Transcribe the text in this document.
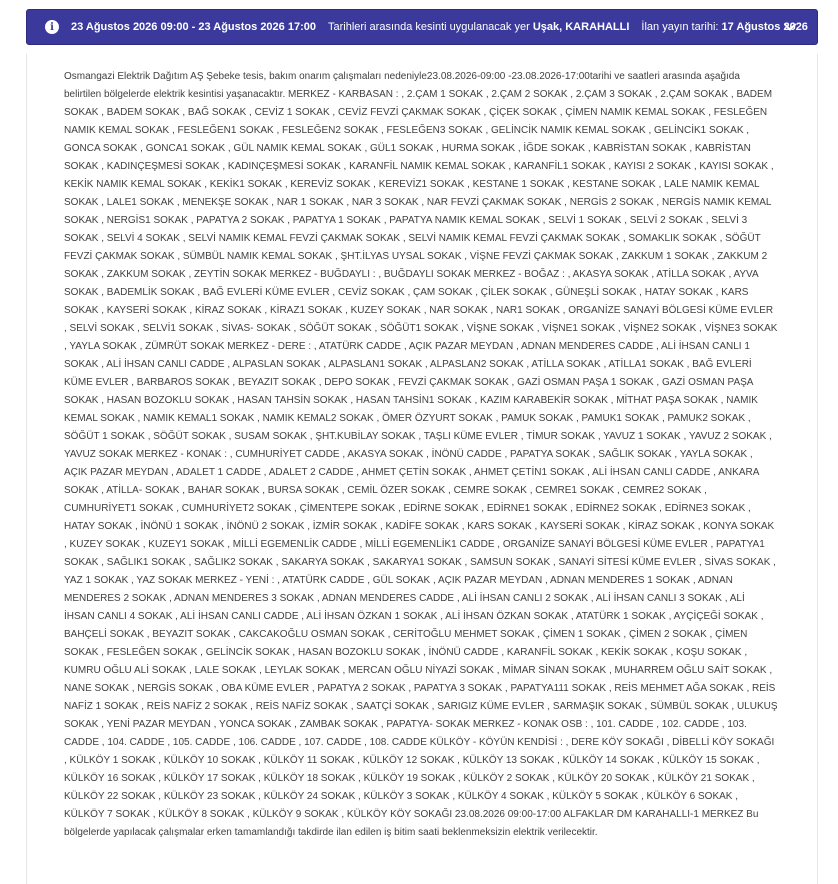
i	23 Ağustos 2026 09:00 - 23 Ağustos 2026 17:00 Tarihleri arasında kesinti uygulanacak yer Uşak, KARAHALLI İlan yayın tarihi: 17 Ağustos 2026

Osmangazi Elektrik Dağıtım AŞ Şebeke tesis, bakım onarım çalışmaları nedeniyle23.08.2026-09:00 -23.08.2026-17:00tarihi ve saatleri arasında aşağıda belirtilen bölgelerde elektrik kesintisi yaşanacaktır. MERKEZ - KARBASAN : , 2.ÇAM 1 SOKAK , 2.ÇAM 2 SOKAK , 2.ÇAM 3 SOKAK , 2.ÇAM SOKAK , BADEM SOKAK , BADEM SOKAK , BAĞ SOKAK , CEVİZ 1 SOKAK , CEVİZ FEVZİ ÇAKMAK SOKAK , ÇİÇEK SOKAK , ÇİMEN NAMIK KEMAL SOKAK , FESLEĞEN NAMIK KEMAL SOKAK , FESLEĞEN1 SOKAK , FESLEĞEN2 SOKAK , FESLEĞEN3 SOKAK , GELİNCİK NAMIK KEMAL SOKAK , GELİNCİK1 SOKAK , GONCA SOKAK , GONCA1 SOKAK , GÜL NAMIK KEMAL SOKAK , GÜL1 SOKAK , HURMA SOKAK , İĞDE SOKAK , KABRİSTAN SOKAK , KABRİSTAN SOKAK , KADINÇEŞMESİ SOKAK , KADINÇEŞMESİ SOKAK , KARANFİL NAMIK KEMAL SOKAK , KARANFİL1 SOKAK , KAYISI 2 SOKAK , KAYISI SOKAK , KEKİK NAMIK KEMAL SOKAK , KEKİK1 SOKAK , KEREVİZ SOKAK , KEREVİZ1 SOKAK , KESTANE 1 SOKAK , KESTANE SOKAK , LALE NAMIK KEMAL SOKAK , LALE1 SOKAK , MENEKŞE SOKAK , NAR 1 SOKAK , NAR 3 SOKAK , NAR FEVZİ ÇAKMAK SOKAK , NERGİS 2 SOKAK , NERGİS NAMIK KEMAL SOKAK , NERGİS1 SOKAK , PAPATYA 2 SOKAK , PAPATYA 1 SOKAK , PAPATYA NAMIK KEMAL SOKAK , SELVİ 1 SOKAK , SELVİ 2 SOKAK , SELVİ 3 SOKAK , SELVİ 4 SOKAK , SELVİ NAMIK KEMAL FEVZİ ÇAKMAK SOKAK , SELVİ NAMIK KEMAL FEVZİ ÇAKMAK SOKAK , SOMAKLIK SOKAK , SÖĞÜT FEVZİ ÇAKMAK SOKAK , SÜMBÜL NAMIK KEMAL SOKAK , ŞHT.İLYAS UYSAL SOKAK , VİŞNE FEVZİ ÇAKMAK SOKAK , ZAKKUM 1 SOKAK , ZAKKUM 2 SOKAK , ZAKKUM SOKAK , ZEYTİN SOKAK MERKEZ - BUĞDAYLI : , BUĞDAYLI SOKAK MERKEZ - BOĞAZ : , AKASYA SOKAK , ATİLLA SOKAK , AYVA SOKAK , BADEMLİK SOKAK , BAĞ EVLERİ KÜME EVLER , CEVİZ SOKAK , ÇAM SOKAK , ÇİLEK SOKAK , GÜNEŞLİ SOKAK , HATAY SOKAK , KARS SOKAK , KAYSERİ SOKAK , KİRAZ SOKAK , KİRAZ1 SOKAK , KUZEY SOKAK , NAR SOKAK , NAR1 SOKAK , ORGANİZE SANAYİ BÖLGESİ KÜME EVLER , SELVİ SOKAK , SELVİ1 SOKAK , SİVAS- SOKAK , SÖĞÜT SOKAK , SÖĞÜT1 SOKAK , VİŞNE SOKAK , VİŞNE1 SOKAK , VİŞNE2 SOKAK , VİŞNE3 SOKAK , YAYLA SOKAK , ZÜMRÜT SOKAK MERKEZ - DERE : , ATATÜRK CADDE , AÇIK PAZAR MEYDAN , ADNAN MENDERES CADDE , ALİ İHSAN CANLI 1 SOKAK , ALİ İHSAN CANLI CADDE , ALPASLAN SOKAK , ALPASLAN1 SOKAK , ALPASLAN2 SOKAK , ATİLLA SOKAK , ATİLLA1 SOKAK , BAĞ EVLERİ KÜME EVLER , BARBAROS SOKAK , BEYAZIT SOKAK , DEPO SOKAK , FEVZİ ÇAKMAK SOKAK , GAZİ OSMAN PAŞA 1 SOKAK , GAZİ OSMAN PAŞA SOKAK , HASAN BOZOKLU SOKAK , HASAN TAHSİN SOKAK , HASAN TAHSİN1 SOKAK , KAZIM KARABEKİR SOKAK , MİTHAT PAŞA SOKAK , NAMIK KEMAL SOKAK , NAMIK KEMAL1 SOKAK , NAMIK KEMAL2 SOKAK , ÖMER ÖZYURT SOKAK , PAMUK SOKAK , PAMUK1 SOKAK , PAMUK2 SOKAK , SÖĞÜT 1 SOKAK , SÖĞÜT SOKAK , SUSAM SOKAK , ŞHT.KUBİLAY SOKAK , TAŞLI KÜME EVLER , TİMUR SOKAK , YAVUZ 1 SOKAK , YAVUZ 2 SOKAK , YAVUZ SOKAK MERKEZ - KONAK : , CUMHURİYET CADDE , AKASYA SOKAK , İNÖNÜ CADDE , PAPATYA SOKAK , SAĞLIK SOKAK , YAYLA SOKAK , AÇIK PAZAR MEYDAN , ADALET 1 CADDE , ADALET 2 CADDE , AHMET ÇETİN SOKAK , AHMET ÇETİN1 SOKAK , ALİ İHSAN CANLI CADDE , ANKARA SOKAK , ATİLLA- SOKAK , BAHAR SOKAK , BURSA SOKAK , CEMİL ÖZER SOKAK , CEMRE SOKAK , CEMRE1 SOKAK , CEMRE2 SOKAK , CUMHURİYET1 SOKAK , CUMHURİYET2 SOKAK , ÇİMENTEPE SOKAK , EDİRNE SOKAK , EDİRNE1 SOKAK , EDİRNE2 SOKAK , EDİRNE3 SOKAK , HATAY SOKAK , İNÖNÜ 1 SOKAK , İNÖNÜ 2 SOKAK , İZMİR SOKAK , KADİFE SOKAK , KARS SOKAK , KAYSERİ SOKAK , KİRAZ SOKAK , KONYA SOKAK , KUZEY SOKAK , KUZEY1 SOKAK , MİLLİ EGEMENLİK CADDE , MİLLİ EGEMENLİK1 CADDE , ORGANİZE SANAYİ BÖLGESİ KÜME EVLER , PAPATYA1 SOKAK , SAĞLIK1 SOKAK , SAĞLIK2 SOKAK , SAKARYA SOKAK , SAKARYA1 SOKAK , SAMSUN SOKAK , SANAYİ SİTESİ KÜME EVLER , SİVAS SOKAK , YAZ 1 SOKAK , YAZ SOKAK MERKEZ - YENİ : , ATATÜRK CADDE , GÜL SOKAK , AÇIK PAZAR MEYDAN , ADNAN MENDERES 1 SOKAK , ADNAN MENDERES 2 SOKAK , ADNAN MENDERES 3 SOKAK , ADNAN MENDERES CADDE , ALİ İHSAN CANLI 2 SOKAK , ALİ İHSAN CANLI 3 SOKAK , ALİ İHSAN CANLI 4 SOKAK , ALİ İHSAN CANLI CADDE , ALİ İHSAN ÖZKAN 1 SOKAK , ALİ İHSAN ÖZKAN SOKAK , ATATÜRK 1 SOKAK , AYÇİÇEĞİ SOKAK , BAHÇELİ SOKAK , BEYAZIT SOKAK , CAKCAKOĞLU OSMAN SOKAK , CERİTOĞLU MEHMET SOKAK , ÇİMEN 1 SOKAK , ÇİMEN 2 SOKAK , ÇİMEN SOKAK , FESLEĞEN SOKAK , GELİNCİK SOKAK , HASAN BOZOKLU SOKAK , İNÖNÜ CADDE , KARANFİL SOKAK , KEKİK SOKAK , KOŞU SOKAK , KUMRU OĞLU ALİ SOKAK , LALE SOKAK , LEYLAK SOKAK , MERCAN OĞLU NİYAZİ SOKAK , MİMAR SİNAN SOKAK , MUHARREM OĞLU SAİT SOKAK , NANE SOKAK , NERGİS SOKAK , OBA KÜME EVLER , PAPATYA 2 SOKAK , PAPATYA 3 SOKAK , PAPATYA111 SOKAK , REİS MEHMET AĞA SOKAK , REİS NAFİZ 1 SOKAK , REİS NAFİZ 2 SOKAK , REİS NAFİZ SOKAK , SAATÇİ SOKAK , SARIGIZ KÜME EVLER , SARMAŞIK SOKAK , SÜMBÜL SOKAK , ULUKUŞ SOKAK , YENİ PAZAR MEYDAN , YONCA SOKAK , ZAMBAK SOKAK , PAPATYA- SOKAK MERKEZ - KONAK OSB : , 101. CADDE , 102. CADDE , 103. CADDE , 104. CADDE , 105. CADDE , 106. CADDE , 107. CADDE , 108. CADDE KÜLKÖY - KÖYÜN KENDİSİ : , DERE KÖY SOKAĞI , DİBELLİ KÖY SOKAĞI , KÜLKÖY 1 SOKAK , KÜLKÖY 10 SOKAK , KÜLKÖY 11 SOKAK , KÜLKÖY 12 SOKAK , KÜLKÖY 13 SOKAK , KÜLKÖY 14 SOKAK , KÜLKÖY 15 SOKAK , KÜLKÖY 16 SOKAK , KÜLKÖY 17 SOKAK , KÜLKÖY 18 SOKAK , KÜLKÖY 19 SOKAK , KÜLKÖY 2 SOKAK , KÜLKÖY 20 SOKAK , KÜLKÖY 21 SOKAK , KÜLKÖY 22 SOKAK , KÜLKÖY 23 SOKAK , KÜLKÖY 24 SOKAK , KÜLKÖY 3 SOKAK , KÜLKÖY 4 SOKAK , KÜLKÖY 5 SOKAK , KÜLKÖY 6 SOKAK , KÜLKÖY 7 SOKAK , KÜLKÖY 8 SOKAK , KÜLKÖY 9 SOKAK , KÜLKÖY KÖY SOKAĞI 23.08.2026 09:00-17:00 ALFAKLAR DM KARAHALLI-1 MERKEZ Bu bölgelerde yapılacak çalışmalar erken tamamlandığı takdirde ilan edilen iş bitim saati beklenmeksizin elektrik verilecektir.
